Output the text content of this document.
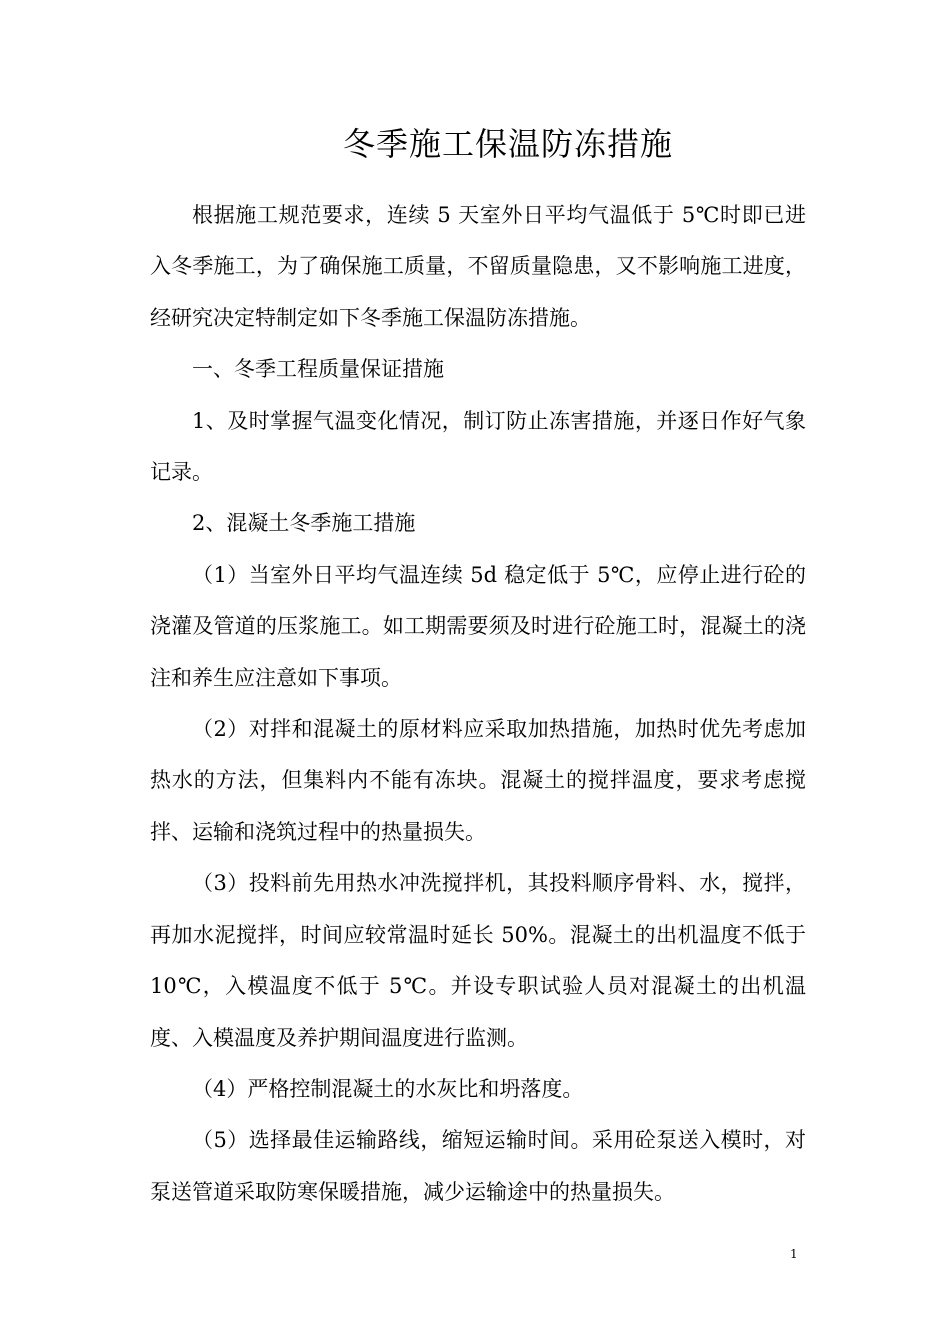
冬季施工保温防冻措施

根据施工规范要求，连续 5 天室外日平均气温低于 5℃时即已进入冬季施工，为了确保施工质量，不留质量隐患，又不影响施工进度，经研究决定特制定如下冬季施工保温防冻措施。

一、冬季工程质量保证措施

1、及时掌握气温变化情况，制订防止冻害措施，并逐日作好气象记录。

2、混凝土冬季施工措施

（1）当室外日平均气温连续 5d 稳定低于 5℃，应停止进行砼的浇灌及管道的压浆施工。如工期需要须及时进行砼施工时，混凝土的浇注和养生应注意如下事项。

（2）对拌和混凝土的原材料应采取加热措施，加热时优先考虑加热水的方法，但集料内不能有冻块。混凝土的搅拌温度，要求考虑搅拌、运输和浇筑过程中的热量损失。

（3）投料前先用热水冲洗搅拌机，其投料顺序骨料、水，搅拌，再加水泥搅拌，时间应较常温时延长 50%。混凝土的出机温度不低于 10℃，入模温度不低于 5℃。并设专职试验人员对混凝土的出机温度、入模温度及养护期间温度进行监测。

（4）严格控制混凝土的水灰比和坍落度。

（5）选择最佳运输路线，缩短运输时间。采用砼泵送入模时，对泵送管道采取防寒保暖措施，减少运输途中的热量损失。

1
